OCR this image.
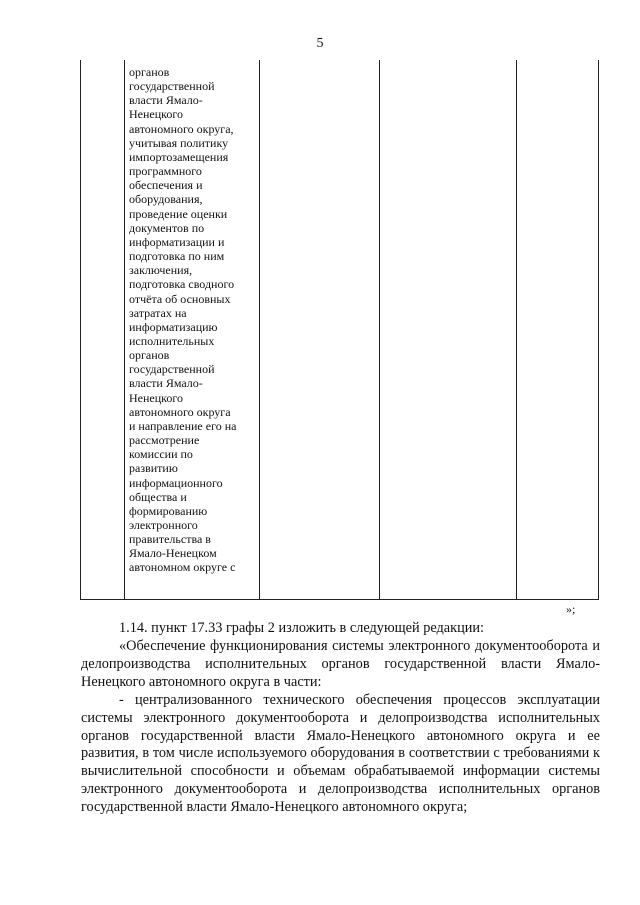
5
органов
государственной
власти Ямало-
Ненецкого
автономного округа,
учитывая политику
импортозамещения
программного
обеспечения и
оборудования,
проведение оценки
документов по
информатизации и
подготовка по ним
заключения,
подготовка сводного
отчёта об основных
затратах на
информатизацию
исполнительных
органов
государственной
власти Ямало-
Ненецкого
автономного округа
и направление его на
рассмотрение
комиссии по
развитию
информационного
общества и
формированию
электронного
правительства в
Ямало-Ненецком
автономном округе с
»;

1.14. пункт 17.33 графы 2 изложить в следующей редакции:

«Обеспечение функционирования системы электронного документооборота и делопроизводства исполнительных органов государственной власти Ямало-Ненецкого автономного округа в части:

- централизованного технического обеспечения процессов эксплуатации системы электронного документооборота и делопроизводства исполнительных органов государственной власти Ямало-Ненецкого автономного округа и ее развития, в том числе используемого оборудования в соответствии с требованиями к вычислительной способности и объемам обрабатываемой информации системы электронного документооборота и делопроизводства исполнительных органов государственной власти Ямало-Ненецкого автономного округа;
